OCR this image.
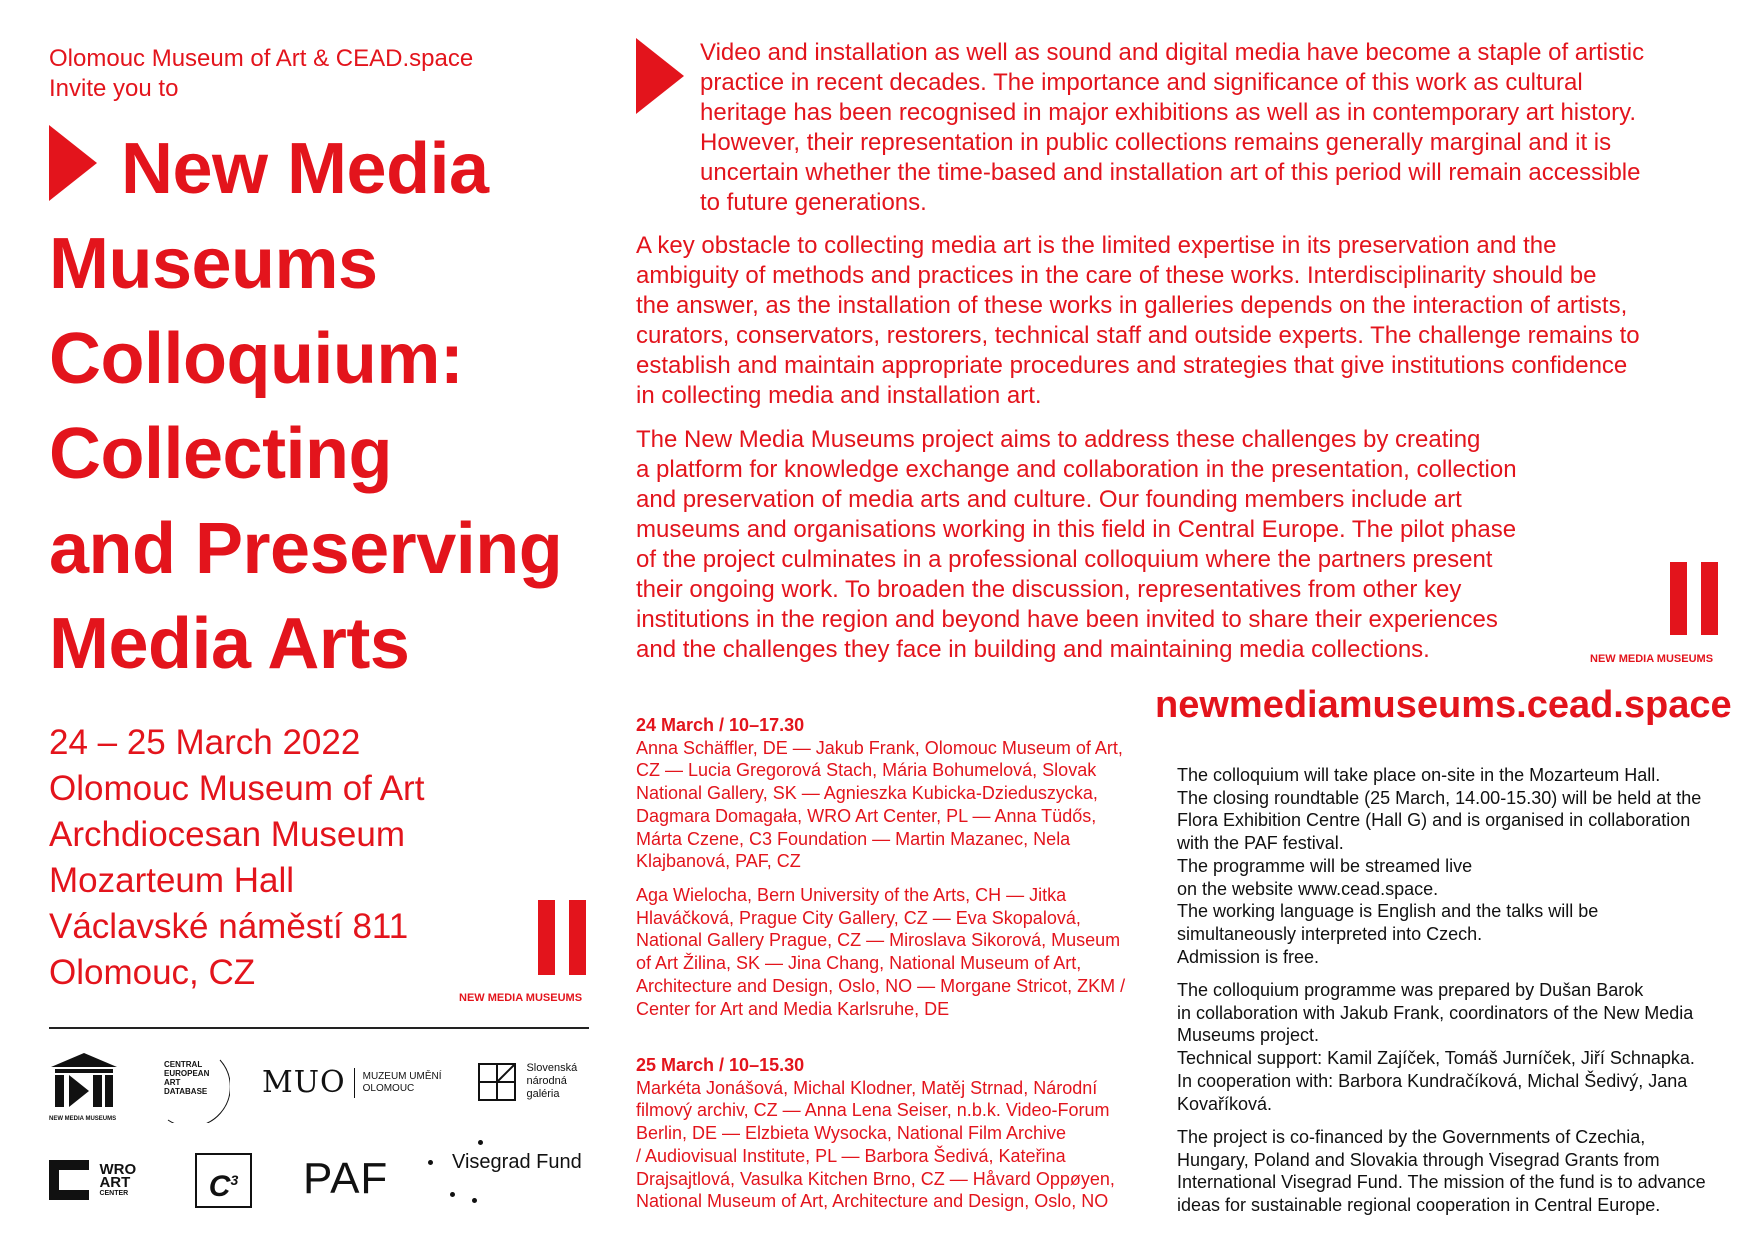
Olomouc Museum of Art & CEAD.space
Invite you to
New Media
Museums
Colloquium:
Collecting
and Preserving
Media Arts
24 – 25 March 2022
Olomouc Museum of Art
Archdiocesan Museum
Mozarteum Hall
Václavské náměstí 811
Olomouc, CZ
NEW MEDIA MUSEUMS
NEW MEDIA MUSEUMS
CENTRAL
EUROPEAN
ART
DATABASE MUO MUZEUM UMĚNÍ
OLOMOUC

Slovenská
národná
galéria

WRO
ART
CENTER	$C^3$	PAF	Visegrad Fund
Video and installation as well as sound and digital media have become a staple of artistic
practice in recent decades. The importance and significance of this work as cultural
heritage has been recognised in major exhibitions as well as in contemporary art history.
However, their representation in public collections remains generally marginal and it is
uncertain whether the time-based and installation art of this period will remain accessible
to future generations.
A key obstacle to collecting media art is the limited expertise in its preservation and the
ambiguity of methods and practices in the care of these works. Interdisciplinarity should be
the answer, as the installation of these works in galleries depends on the interaction of artists,
curators, conservators, restorers, technical staff and outside experts. The challenge remains to
establish and maintain appropriate procedures and strategies that give institutions confidence
in collecting media and installation art.
The New Media Museums project aims to address these challenges by creating
a platform for knowledge exchange and collaboration in the presentation, collection
and preservation of media arts and culture. Our founding members include art
museums and organisations working in this field in Central Europe. The pilot phase
of the project culminates in a professional colloquium where the partners present
their ongoing work. To broaden the discussion, representatives from other key
institutions in the region and beyond have been invited to share their experiences
and the challenges they face in building and maintaining media collections.	NEW MEDIA MUSEUMS
newmediamuseums.cead.space
24 March / 10–17.30
Anna Schäffler, DE — Jakub Frank, Olomouc Museum of Art,
CZ — Lucia Gregorová Stach, Mária Bohumelová, Slovak
National Gallery, SK — Agnieszka Kubicka-Dzieduszycka,
Dagmara Domagała, WRO Art Center, PL — Anna Tüdős,
Márta Czene, C3 Foundation — Martin Mazanec, Nela
Klajbanová, PAF, CZ
Aga Wielocha, Bern University of the Arts, CH — Jitka
Hlaváčková, Prague City Gallery, CZ — Eva Skopalová,
National Gallery Prague, CZ — Miroslava Sikorová, Museum
of Art Žilina, SK — Jina Chang, National Museum of Art,
Architecture and Design, Oslo, NO — Morgane Stricot, ZKM /
Center for Art and Media Karlsruhe, DE
25 March / 10–15.30
Markéta Jonášová, Michal Klodner, Matěj Strnad, Národní
filmový archiv, CZ — Anna Lena Seiser, n.b.k. Video-Forum
Berlin, DE — Elzbieta Wysocka, National Film Archive
/ Audiovisual Institute, PL — Barbora Šedivá, Kateřina
Drajsajtlová, Vasulka Kitchen Brno, CZ — Håvard Oppøyen,
National Museum of Art, Architecture and Design, Oslo, NO
The colloquium will take place on-site in the Mozarteum Hall.
The closing roundtable (25 March, 14.00-15.30) will be held at the
Flora Exhibition Centre (Hall G) and is organised in collaboration
with the PAF festival.
The programme will be streamed live
on the website www.cead.space.
The working language is English and the talks will be
simultaneously interpreted into Czech.
Admission is free.
The colloquium programme was prepared by Dušan Barok
in collaboration with Jakub Frank, coordinators of the New Media
Museums project.
Technical support: Kamil Zajíček, Tomáš Jurníček, Jiří Schnapka.
In cooperation with: Barbora Kundračíková, Michal Šedivý, Jana
Kovaříková.
The project is co-financed by the Governments of Czechia,
Hungary, Poland and Slovakia through Visegrad Grants from
International Visegrad Fund. The mission of the fund is to advance
ideas for sustainable regional cooperation in Central Europe.
